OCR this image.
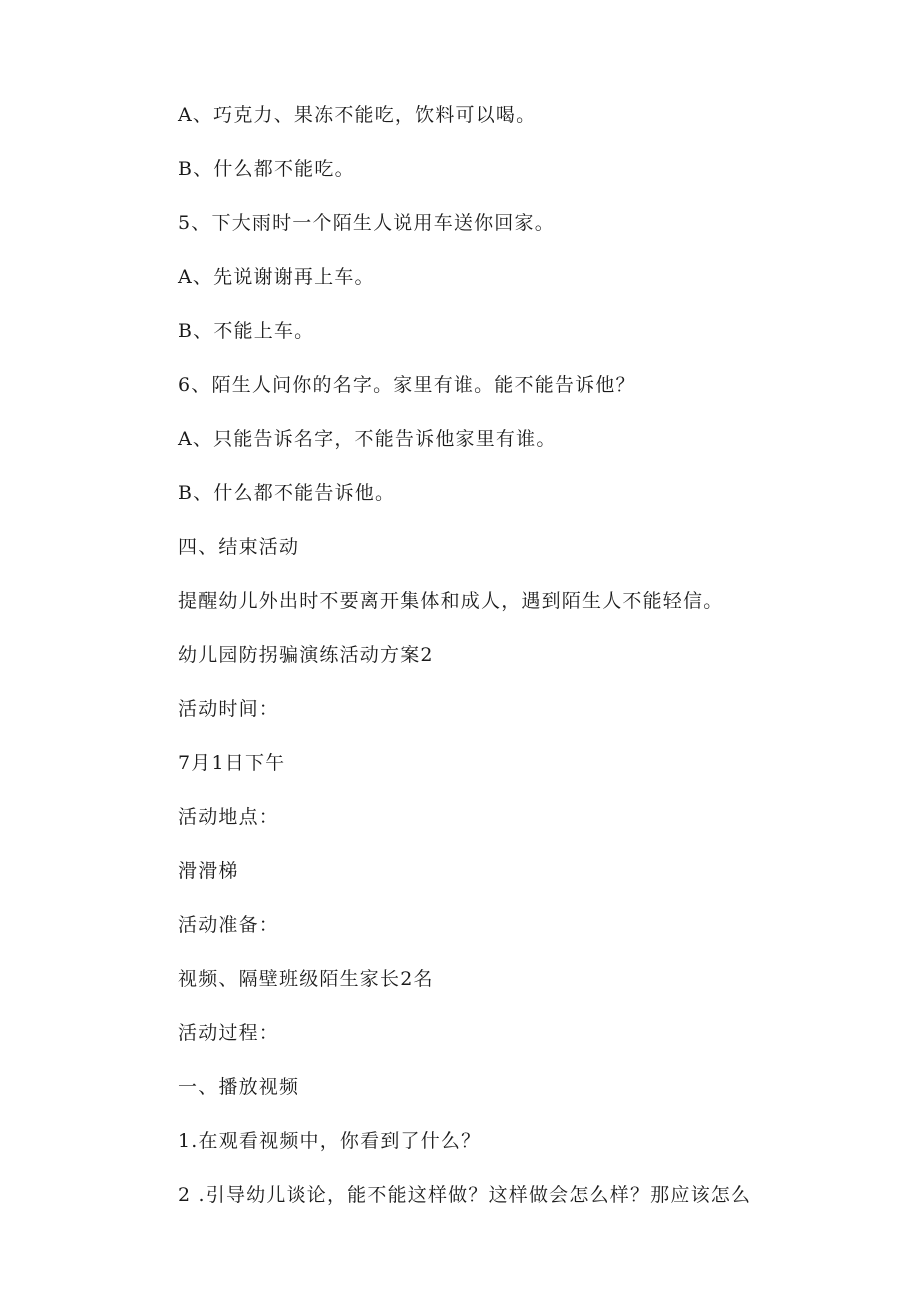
A、巧克力、果冻不能吃，饮料可以喝。

B、什么都不能吃。

5、下大雨时一个陌生人说用车送你回家。

A、先说谢谢再上车。

B、不能上车。

6、陌生人问你的名字。家里有谁。能不能告诉他？

A、只能告诉名字，不能告诉他家里有谁。

B、什么都不能告诉他。

四、结束活动

提醒幼儿外出时不要离开集体和成人，遇到陌生人不能轻信。

幼儿园防拐骗演练活动方案2

活动时间：

7月1日下午

活动地点：

滑滑梯

活动准备：

视频、隔壁班级陌生家长2名

活动过程：

一、播放视频

1.在观看视频中，你看到了什么？

2 .引导幼儿谈论，能不能这样做？这样做会怎么样？那应该怎么
